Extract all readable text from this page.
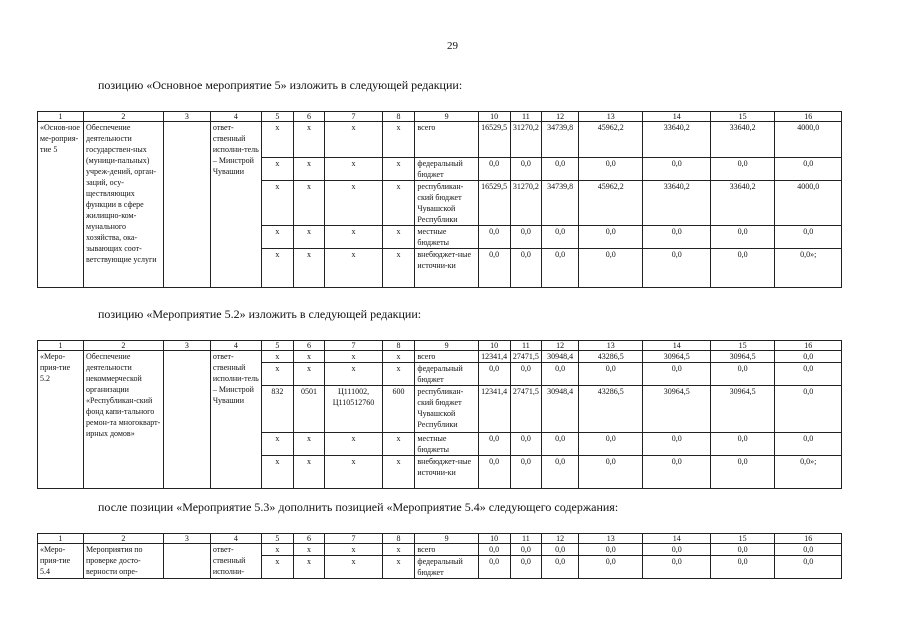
29
позицию «Основное мероприятие 5» изложить в следующей редакции:
1	2	3	4	5	6	7	8	9	10	11	12	13	14	15	16
«Основ-ное ме-роприя-тие 5	Обеспечение деятельности государствен-ных (муници-пальных) учреж-дений, орган-заций, осу-ществляющих функции в сфере жилищно-ком-мунального хозяйства, ока-зывающих соот-ветствующие услуги		ответ-ственный исполни-тель – Минстрой Чувашии	x	x	x	x	всего	16529,5	31270,2	34739,8	45962,2	33640,2	33640,2	4000,0
				x	x	x	x	федеральный бюджет	0,0	0,0	0,0	0,0	0,0	0,0	0,0
				x	x	x	x	республикан-ский бюджет Чувашской Республики	16529,5	31270,2	34739,8	45962,2	33640,2	33640,2	4000,0
				x	x	x	x	местные бюджеты	0,0	0,0	0,0	0,0	0,0	0,0	0,0
				x	x	x	x	внебюджет-ные источни-ки	0,0	0,0	0,0	0,0	0,0	0,0	0,0»;
позицию «Мероприятие 5.2» изложить в следующей редакции:
1	2	3	4	5	6	7	8	9	10	11	12	13	14	15	16
«Меро-прия-тие 5.2	Обеспечение деятельности некоммерческой организации «Республикан-ский фонд капи-тального ремон-та многокварт-ирных домов»		ответ-ственный исполни-тель – Минстрой Чувашии	x	x	x	x	всего	12341,4	27471,5	30948,4	43286,5	30964,5	30964,5	0,0
				x	x	x	x	федеральный бюджет	0,0	0,0	0,0	0,0	0,0	0,0	0,0
				832	0501	Ц111002, Ц110512760	600	республикан-ский бюджет Чувашской Республики	12341,4	27471,5	30948,4	43286,5	30964,5	30964,5	0,0
				x	x	x	x	местные бюджеты	0,0	0,0	0,0	0,0	0,0	0,0	0,0
				x	x	x	x	внебюджет-ные источни-ки	0,0	0,0	0,0	0,0	0,0	0,0	0,0»;
после позиции «Мероприятие 5.3» дополнить позицией «Мероприятие 5.4» следующего содержания:
1	2	3	4	5	6	7	8	9	10	11	12	13	14	15	16
«Меро-прия-тие 5.4	Мероприятия по проверке досто-верности опре-		ответ-ственный исполни-	x	x	x	x	всего	0,0	0,0	0,0	0,0	0,0	0,0	0,0
				x	x	x	x	федеральный бюджет	0,0	0,0	0,0	0,0	0,0	0,0	0,0
